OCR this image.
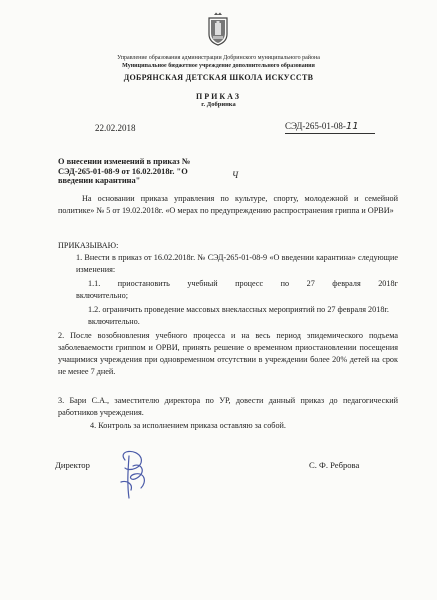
Управление образования администрации Добринского муниципального района
Муниципальное бюджетное учреждение дополнительного образования
ДОБРЯНСКАЯ ДЕТСКАЯ ШКОЛА ИСКУССТВ
ПРИКАЗ
г. Добринка
22.02.2018	СЭД-265-01-08-11
О внесении изменений в приказ № СЭД-265-01-08-9 от 16.02.2018г. "О введении карантина"
Ч
На основании приказа управления по культуре, спорту, молодежной и семейной политике» № 5 от 19.02.2018г. «О мерах по предупреждению распространения гриппа и ОРВИ»
ПРИКАЗЫВАЮ:
1. Внести в приказ от 16.02.2018г. № СЭД-265-01-08-9 «О введении карантина» следующие изменения:
1.1. приостановить учебный процесс по 27 февраля 2018г
включительно;
1.2. ограничить проведение массовых внеклассных мероприятий по 27 февраля 2018г. включительно.
2. После возобновления учебного процесса и на весь период эпидемического подъема заболеваемости гриппом и ОРВИ, принять решение о временном приостановлении посещения учащимися учреждения при одновременном отсутствии в учреждении более 20% детей на срок не менее 7 дней.
3. Бари С.А., заместителю директора по УР, довести данный приказ до педагогический работников учреждения.
4. Контроль за исполнением приказа оставляю за собой.
Директор	С. Ф. Реброва
